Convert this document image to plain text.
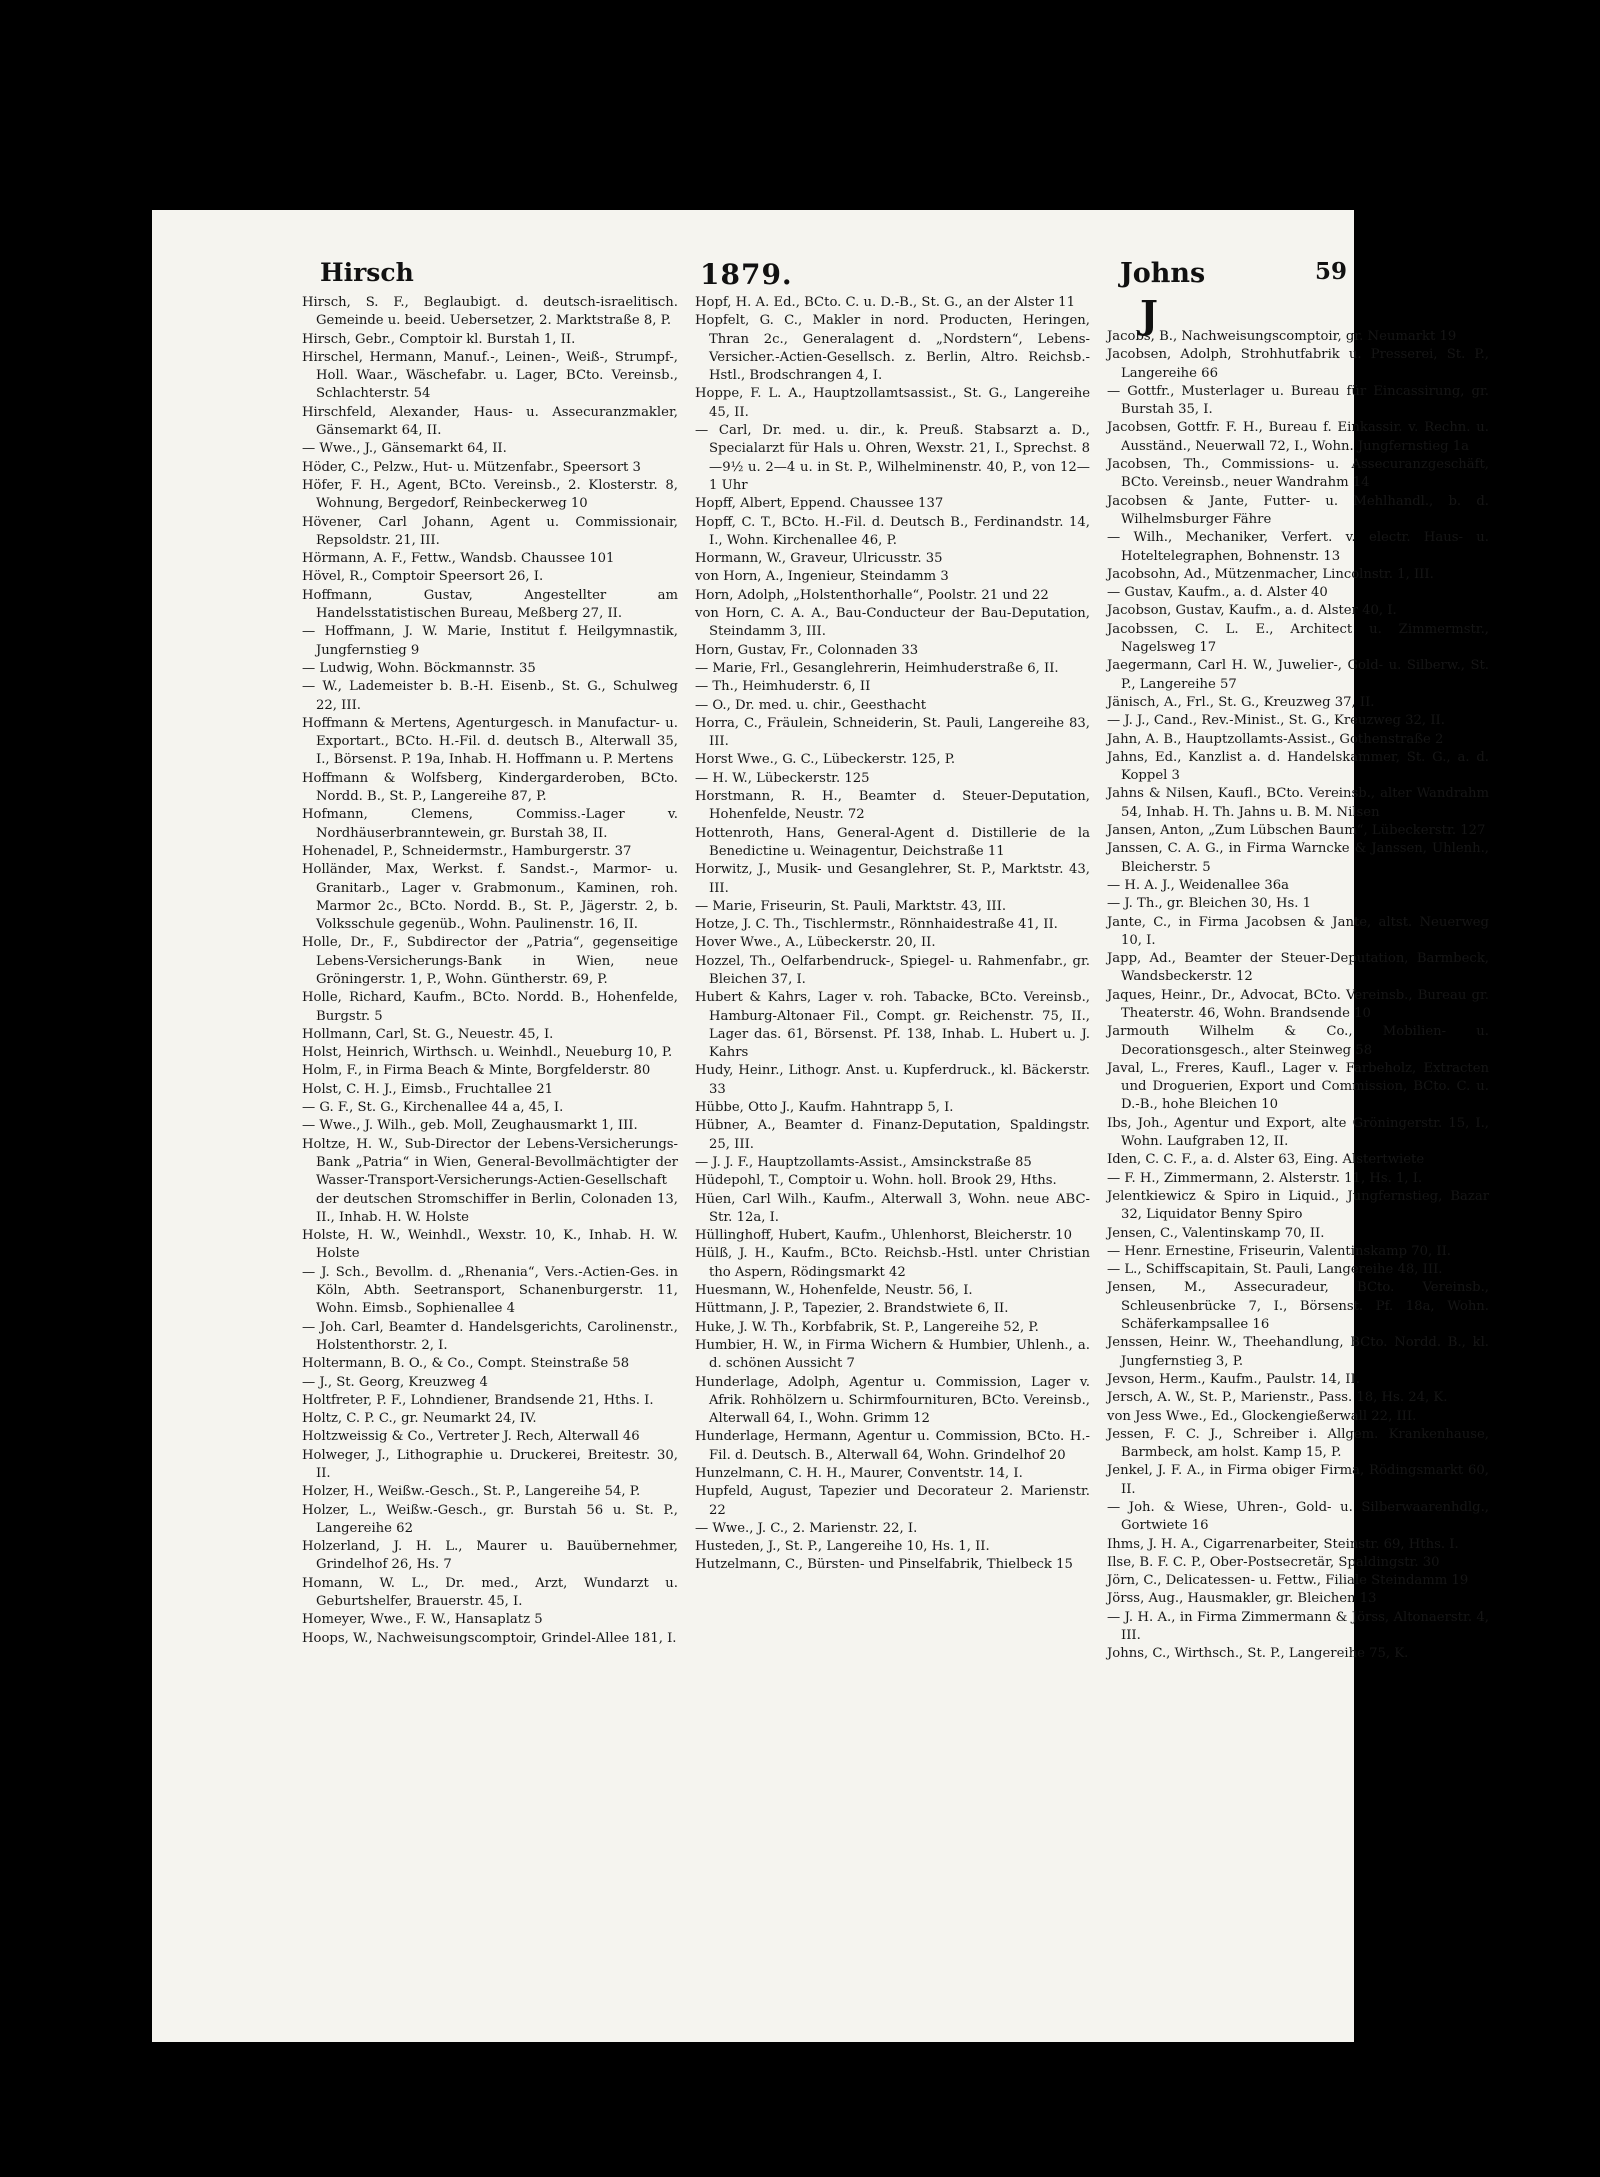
Hirsch	1879.	Johns	59
J

Hirsch, S. F., Beglaubigt. d. deutsch-israelitisch. Gemeinde u. beeid. Uebersetzer, 2. Marktstraße 8, P.

Hirsch, Gebr., Comptoir kl. Burstah 1, II.

Hirschel, Hermann, Manuf.-, Leinen-, Weiß-, Strumpf-, Holl. Waar., Wäschefabr. u. Lager, BCto. Vereinsb., Schlachterstr. 54

Hirschfeld, Alexander, Haus- u. Assecuranzmakler, Gänsemarkt 64, II.

— Wwe., J., Gänsemarkt 64, II.

Höder, C., Pelzw., Hut- u. Mützenfabr., Speersort 3

Höfer, F. H., Agent, BCto. Vereinsb., 2. Klosterstr. 8, Wohnung, Bergedorf, Reinbeckerweg 10

Hövener, Carl Johann, Agent u. Commissionair, Repsoldstr. 21, III.

Hörmann, A. F., Fettw., Wandsb. Chaussee 101

Hövel, R., Comptoir Speersort 26, I.

Hoffmann, Gustav, Angestellter am Handelsstatistischen Bureau, Meßberg 27, II.

— Hoffmann, J. W. Marie, Institut f. Heilgymnastik, Jungfernstieg 9

— Ludwig, Wohn. Böckmannstr. 35

— W., Lademeister b. B.-H. Eisenb., St. G., Schulweg 22, III.

Hoffmann & Mertens, Agenturgesch. in Manufactur- u. Exportart., BCto. H.-Fil. d. deutsch B., Alterwall 35, I., Börsenst. P. 19a, Inhab. H. Hoffmann u. P. Mertens

Hoffmann & Wolfsberg, Kindergarderoben, BCto. Nordd. B., St. P., Langereihe 87, P.

Hofmann, Clemens, Commiss.-Lager v. Nordhäuserbranntewein, gr. Burstah 38, II.

Hohenadel, P., Schneidermstr., Hamburgerstr. 37

Holländer, Max, Werkst. f. Sandst.-, Marmor- u. Granitarb., Lager v. Grabmonum., Kaminen, roh. Marmor 2c., BCto. Nordd. B., St. P., Jägerstr. 2, b. Volksschule gegenüb., Wohn. Paulinenstr. 16, II.

Holle, Dr., F., Subdirector der „Patria“, gegenseitige Lebens-Versicherungs-Bank in Wien, neue Gröningerstr. 1, P., Wohn. Güntherstr. 69, P.

Holle, Richard, Kaufm., BCto. Nordd. B., Hohenfelde, Burgstr. 5

Hollmann, Carl, St. G., Neuestr. 45, I.

Holst, Heinrich, Wirthsch. u. Weinhdl., Neueburg 10, P.

Holm, F., in Firma Beach & Minte, Borgfelderstr. 80

Holst, C. H. J., Eimsb., Fruchtallee 21

— G. F., St. G., Kirchenallee 44 a, 45, I.

— Wwe., J. Wilh., geb. Moll, Zeughausmarkt 1, III.

Holtze, H. W., Sub-Director der Lebens-Versicherungs-Bank „Patria“ in Wien, General-Bevollmächtigter der Wasser-Transport-Versicherungs-Actien-Gesellschaft der deutschen Stromschiffer in Berlin, Colonaden 13, II., Inhab. H. W. Holste

Holste, H. W., Weinhdl., Wexstr. 10, K., Inhab. H. W. Holste

— J. Sch., Bevollm. d. „Rhenania“, Vers.-Actien-Ges. in Köln, Abth. Seetransport, Schanenburgerstr. 11, Wohn. Eimsb., Sophienallee 4

— Joh. Carl, Beamter d. Handelsgerichts, Carolinenstr., Holstenthorstr. 2, I.

Holtermann, B. O., & Co., Compt. Steinstraße 58

— J., St. Georg, Kreuzweg 4

Holtfreter, P. F., Lohndiener, Brandsende 21, Hths. I.

Holtz, C. P. C., gr. Neumarkt 24, IV.

Holtzweissig & Co., Vertreter J. Rech, Alterwall 46

Holweger, J., Lithographie u. Druckerei, Breitestr. 30, II.

Holzer, H., Weißw.-Gesch., St. P., Langereihe 54, P.

Holzer, L., Weißw.-Gesch., gr. Burstah 56 u. St. P., Langereihe 62

Holzerland, J. H. L., Maurer u. Bauübernehmer, Grindelhof 26, Hs. 7

Homann, W. L., Dr. med., Arzt, Wundarzt u. Geburtshelfer, Brauerstr. 45, I.

Homeyer, Wwe., F. W., Hansaplatz 5

Hoops, W., Nachweisungscomptoir, Grindel-Allee 181, I.

Hopf, H. A. Ed., BCto. C. u. D.-B., St. G., an der Alster 11

Hopfelt, G. C., Makler in nord. Producten, Heringen, Thran 2c., Generalagent d. „Nordstern“, Lebens-Versicher.-Actien-Gesellsch. z. Berlin, Altro. Reichsb.-Hstl., Brodschrangen 4, I.

Hoppe, F. L. A., Hauptzollamtsassist., St. G., Langereihe 45, II.

— Carl, Dr. med. u. dir., k. Preuß. Stabsarzt a. D., Specialarzt für Hals u. Ohren, Wexstr. 21, I., Sprechst. 8—9½ u. 2—4 u. in St. P., Wilhelminenstr. 40, P., von 12—1 Uhr

Hopff, Albert, Eppend. Chaussee 137

Hopff, C. T., BCto. H.-Fil. d. Deutsch B., Ferdinandstr. 14, I., Wohn. Kirchenallee 46, P.

Hormann, W., Graveur, Ulricusstr. 35

von Horn, A., Ingenieur, Steindamm 3

Horn, Adolph, „Holstenthorhalle“, Poolstr. 21 und 22

von Horn, C. A. A., Bau-Conducteur der Bau-Deputation, Steindamm 3, III.

Horn, Gustav, Fr., Colonnaden 33

— Marie, Frl., Gesanglehrerin, Heimhuderstraße 6, II.

— Th., Heimhuderstr. 6, II

— O., Dr. med. u. chir., Geesthacht

Horra, C., Fräulein, Schneiderin, St. Pauli, Langereihe 83, III.

Horst Wwe., G. C., Lübeckerstr. 125, P.

— H. W., Lübeckerstr. 125

Horstmann, R. H., Beamter d. Steuer-Deputation, Hohenfelde, Neustr. 72

Hottenroth, Hans, General-Agent d. Distillerie de la Benedictine u. Weinagentur, Deichstraße 11

Horwitz, J., Musik- und Gesanglehrer, St. P., Marktstr. 43, III.

— Marie, Friseurin, St. Pauli, Marktstr. 43, III.

Hotze, J. C. Th., Tischlermstr., Rönnhaidestraße 41, II.

Hover Wwe., A., Lübeckerstr. 20, II.

Hozzel, Th., Oelfarbendruck-, Spiegel- u. Rahmenfabr., gr. Bleichen 37, I.

Hubert & Kahrs, Lager v. roh. Tabacke, BCto. Vereinsb., Hamburg-Altonaer Fil., Compt. gr. Reichenstr. 75, II., Lager das. 61, Börsenst. Pf. 138, Inhab. L. Hubert u. J. Kahrs

Hudy, Heinr., Lithogr. Anst. u. Kupferdruck., kl. Bäckerstr. 33

Hübbe, Otto J., Kaufm. Hahntrapp 5, I.

Hübner, A., Beamter d. Finanz-Deputation, Spaldingstr. 25, III.

— J. J. F., Hauptzollamts-Assist., Amsinckstraße 85

Hüdepohl, T., Comptoir u. Wohn. holl. Brook 29, Hths.

Hüen, Carl Wilh., Kaufm., Alterwall 3, Wohn. neue ABC-Str. 12a, I.

Hüllinghoff, Hubert, Kaufm., Uhlenhorst, Bleicherstr. 10

Hülß, J. H., Kaufm., BCto. Reichsb.-Hstl. unter Christian tho Aspern, Rödingsmarkt 42

Huesmann, W., Hohenfelde, Neustr. 56, I.

Hüttmann, J. P., Tapezier, 2. Brandstwiete 6, II.

Huke, J. W. Th., Korbfabrik, St. P., Langereihe 52, P.

Humbier, H. W., in Firma Wichern & Humbier, Uhlenh., a. d. schönen Aussicht 7

Hunderlage, Adolph, Agentur u. Commission, Lager v. Afrik. Rohhölzern u. Schirmfournituren, BCto. Vereinsb., Alterwall 64, I., Wohn. Grimm 12

Hunderlage, Hermann, Agentur u. Commission, BCto. H.-Fil. d. Deutsch. B., Alterwall 64, Wohn. Grindelhof 20

Hunzelmann, C. H. H., Maurer, Conventstr. 14, I.

Hupfeld, August, Tapezier und Decorateur 2. Marienstr. 22

— Wwe., J. C., 2. Marienstr. 22, I.

Husteden, J., St. P., Langereihe 10, Hs. 1, II.

Hutzelmann, C., Bürsten- und Pinselfabrik, Thielbeck 15

Jacobs, B., Nachweisungscomptoir, gr. Neumarkt 19

Jacobsen, Adolph, Strohhutfabrik u. Presserei, St. P., Langereihe 66

— Gottfr., Musterlager u. Bureau für Eincassirung, gr. Burstah 35, I.

Jacobsen, Gottfr. F. H., Bureau f. Einkassir. v. Rechn. u. Ausständ., Neuerwall 72, I., Wohn. Jungfernstieg 1a

Jacobsen, Th., Commissions- u. Assecuranzgeschäft, BCto. Vereinsb., neuer Wandrahm 14

Jacobsen & Jante, Futter- u. Mehlhandl., b. d. Wilhelmsburger Fähre

— Wilh., Mechaniker, Verfert. v. electr. Haus- u. Hoteltelegraphen, Bohnenstr. 13

Jacobsohn, Ad., Mützenmacher, Lincolnstr. 1, III.

— Gustav, Kaufm., a. d. Alster 40

Jacobson, Gustav, Kaufm., a. d. Alster 40, I.

Jacobssen, C. L. E., Architect u. Zimmermstr., Nagelsweg 17

Jaegermann, Carl H. W., Juwelier-, Gold- u. Silberw., St. P., Langereihe 57

Jänisch, A., Frl., St. G., Kreuzweg 37, II.

— J. J., Cand., Rev.-Minist., St. G., Kreuzweg 32, II.

Jahn, A. B., Hauptzollamts-Assist., Gothenstraße 2

Jahns, Ed., Kanzlist a. d. Handelskammer, St. G., a. d. Koppel 3

Jahns & Nilsen, Kaufl., BCto. Vereinsb., alter Wandrahm 54, Inhab. H. Th. Jahns u. B. M. Nilsen

Jansen, Anton, „Zum Lübschen Baum“, Lübeckerstr. 127

Janssen, C. A. G., in Firma Warncke & Janssen, Uhlenh., Bleicherstr. 5

— H. A. J., Weidenallee 36a

— J. Th., gr. Bleichen 30, Hs. 1

Jante, C., in Firma Jacobsen & Jante, altst. Neuerweg 10, I.

Japp, Ad., Beamter der Steuer-Deputation, Barmbeck, Wandsbeckerstr. 12

Jaques, Heinr., Dr., Advocat, BCto. Vereinsb., Bureau gr. Theaterstr. 46, Wohn. Brandsende 10

Jarmouth Wilhelm & Co., Mobilien- u. Decorationsgesch., alter Steinweg 58

Javal, L., Freres, Kaufl., Lager v. Farbeholz, Extracten und Droguerien, Export und Commission, BCto. C. u. D.-B., hohe Bleichen 10

Ibs, Joh., Agentur und Export, alte Gröningerstr. 15, I., Wohn. Laufgraben 12, II.

Iden, C. C. F., a. d. Alster 63, Eing. Alstertwiete

— F. H., Zimmermann, 2. Alsterstr. 11, Hs. 1, I.

Jelentkiewicz & Spiro in Liquid., Jungfernstieg, Bazar 32, Liquidator Benny Spiro

Jensen, C., Valentinskamp 70, II.

— Henr. Ernestine, Friseurin, Valentinskamp 70, II.

— L., Schiffscapitain, St. Pauli, Langereihe 48, III.

Jensen, M., Assecuradeur, BCto. Vereinsb., Schleusenbrücke 7, I., Börsenst. Pf. 18a, Wohn. Schäferkampsallee 16

Jenssen, Heinr. W., Theehandlung, BCto. Nordd. B., kl. Jungfernstieg 3, P.

Jevson, Herm., Kaufm., Paulstr. 14, II.

Jersch, A. W., St. P., Marienstr., Pass. 18, Hs. 24, K.

von Jess Wwe., Ed., Glockengießerwall 22, III.

Jessen, F. C. J., Schreiber i. Allgem. Krankenhause, Barmbeck, am holst. Kamp 15, P.

Jenkel, J. F. A., in Firma obiger Firma, Rödingsmarkt 60, II.

— Joh. & Wiese, Uhren-, Gold- u. Silberwaarenhdlg., Gortwiete 16

Ihms, J. H. A., Cigarrenarbeiter, Steinstr. 69, Hths. I.

Ilse, B. F. C. P., Ober-Postsecretär, Spaldingstr. 30

Jörn, C., Delicatessen- u. Fettw., Filiale Steindamm 19

Jörss, Aug., Hausmakler, gr. Bleichen 13

— J. H. A., in Firma Zimmermann & Jörss, Altonaerstr. 4, III.

Johns, C., Wirthsch., St. P., Langereihe 75, K.
